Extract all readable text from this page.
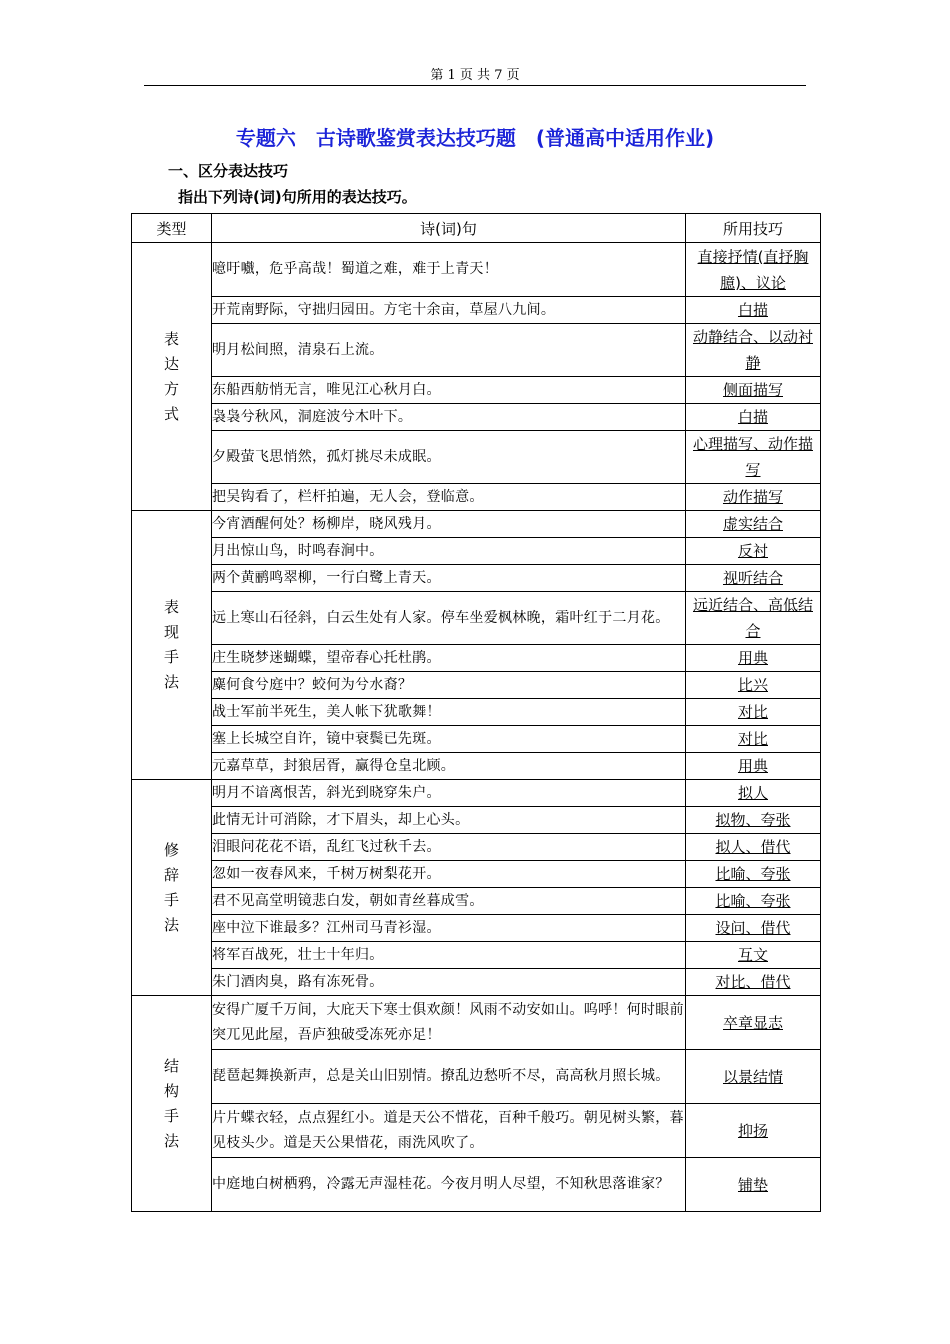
第 1 页 共 7 页
专题六　古诗歌鉴赏表达技巧题　(普通高中适用作业)
一、区分表达技巧
指出下列诗(词)句所用的表达技巧。
类型	诗(词)句	所用技巧
表达方式	噫吁嚱，危乎高哉！蜀道之难，难于上青天！	直接抒情(直抒胸臆)、议论
	开荒南野际，守拙归园田。方宅十余亩，草屋八九间。	白描
	明月松间照，清泉石上流。	动静结合、以动衬静
	东船西舫悄无言，唯见江心秋月白。	侧面描写
	袅袅兮秋风，洞庭波兮木叶下。	白描
	夕殿萤飞思悄然，孤灯挑尽未成眠。	心理描写、动作描写
	把吴钩看了，栏杆拍遍，无人会，登临意。	动作描写
表现手法	今宵酒醒何处？杨柳岸，晓风残月。	虚实结合
	月出惊山鸟，时鸣春涧中。	反衬
	两个黄鹂鸣翠柳，一行白鹭上青天。	视听结合
	远上寒山石径斜，白云生处有人家。停车坐爱枫林晚，霜叶红于二月花。	远近结合、高低结合
	庄生晓梦迷蝴蝶，望帝春心托杜鹃。	用典
	麋何食兮庭中？蛟何为兮水裔？	比兴
	战士军前半死生，美人帐下犹歌舞！	对比
	塞上长城空自许，镜中衰鬓已先斑。	对比
	元嘉草草，封狼居胥，赢得仓皇北顾。	用典
修辞手法	明月不谙离恨苦，斜光到晓穿朱户。	拟人
	此情无计可消除，才下眉头，却上心头。	拟物、夸张
	泪眼问花花不语，乱红飞过秋千去。	拟人、借代
	忽如一夜春风来，千树万树梨花开。	比喻、夸张
	君不见高堂明镜悲白发，朝如青丝暮成雪。	比喻、夸张
	座中泣下谁最多？江州司马青衫湿。	设问、借代
	将军百战死，壮士十年归。	互文
	朱门酒肉臭，路有冻死骨。	对比、借代
结构手法	安得广厦千万间，大庇天下寒士俱欢颜！风雨不动安如山。呜呼！何时眼前突兀见此屋，吾庐独破受冻死亦足！	卒章显志
	琵琶起舞换新声，总是关山旧别情。撩乱边愁听不尽，高高秋月照长城。	以景结情
	片片蝶衣轻，点点猩红小。道是天公不惜花，百种千般巧。朝见树头繁，暮见枝头少。道是天公果惜花，雨洗风吹了。	抑扬
	中庭地白树栖鸦，冷露无声湿桂花。今夜月明人尽望，不知秋思落谁家？	铺垫
